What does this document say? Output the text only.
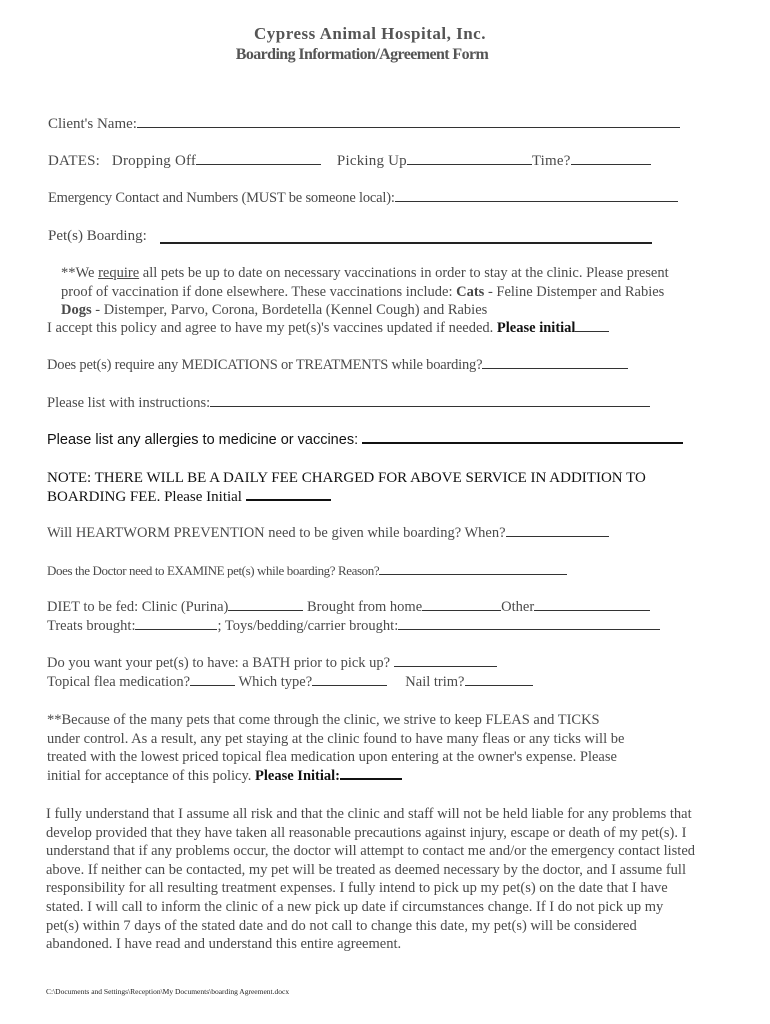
Cypress Animal Hospital, Inc.
Boarding Information/Agreement Form
Client's Name:
DATES: Dropping Off	Picking Up	Time?
Emergency Contact and Numbers (MUST be someone local):
Pet(s) Boarding:
**We require all pets be up to date on necessary vaccinations in order to stay at the clinic. Please present
proof of vaccination if done elsewhere. These vaccinations include: Cats - Feline Distemper and Rabies
Dogs - Distemper, Parvo, Corona, Bordetella (Kennel Cough) and Rabies
I accept this policy and agree to have my pet(s)'s vaccines updated if needed. Please initial
Does pet(s) require any MEDICATIONS or TREATMENTS while boarding?
Please list with instructions:
Please list any allergies to medicine or vaccines:
NOTE: THERE WILL BE A DAILY FEE CHARGED FOR ABOVE SERVICE IN ADDITION TO
BOARDING FEE. Please Initial
Will HEARTWORM PREVENTION need to be given while boarding? When?
Does the Doctor need to EXAMINE pet(s) while boarding? Reason?
DIET to be fed: Clinic (Purina)	Brought from home	Other
Treats brought:	; Toys/bedding/carrier brought:
Do you want your pet(s) to have: a BATH prior to pick up?
Topical flea medication?	Which type?	Nail trim?
**Because of the many pets that come through the clinic, we strive to keep FLEAS and TICKS
under control. As a result, any pet staying at the clinic found to have many fleas or any ticks will be
treated with the lowest priced topical flea medication upon entering at the owner's expense. Please
initial for acceptance of this policy. Please Initial:
I fully understand that I assume all risk and that the clinic and staff will not be held liable for any problems that
develop provided that they have taken all reasonable precautions against injury, escape or death of my pet(s). I
understand that if any problems occur, the doctor will attempt to contact me and/or the emergency contact listed
above. If neither can be contacted, my pet will be treated as deemed necessary by the doctor, and I assume full
responsibility for all resulting treatment expenses. I fully intend to pick up my pet(s) on the date that I have
stated. I will call to inform the clinic of a new pick up date if circumstances change. If I do not pick up my
pet(s) within 7 days of the stated date and do not call to change this date, my pet(s) will be considered
abandoned. I have read and understand this entire agreement.
C:\Documents and Settings\Reception\My Documents\boarding Agreement.docx
